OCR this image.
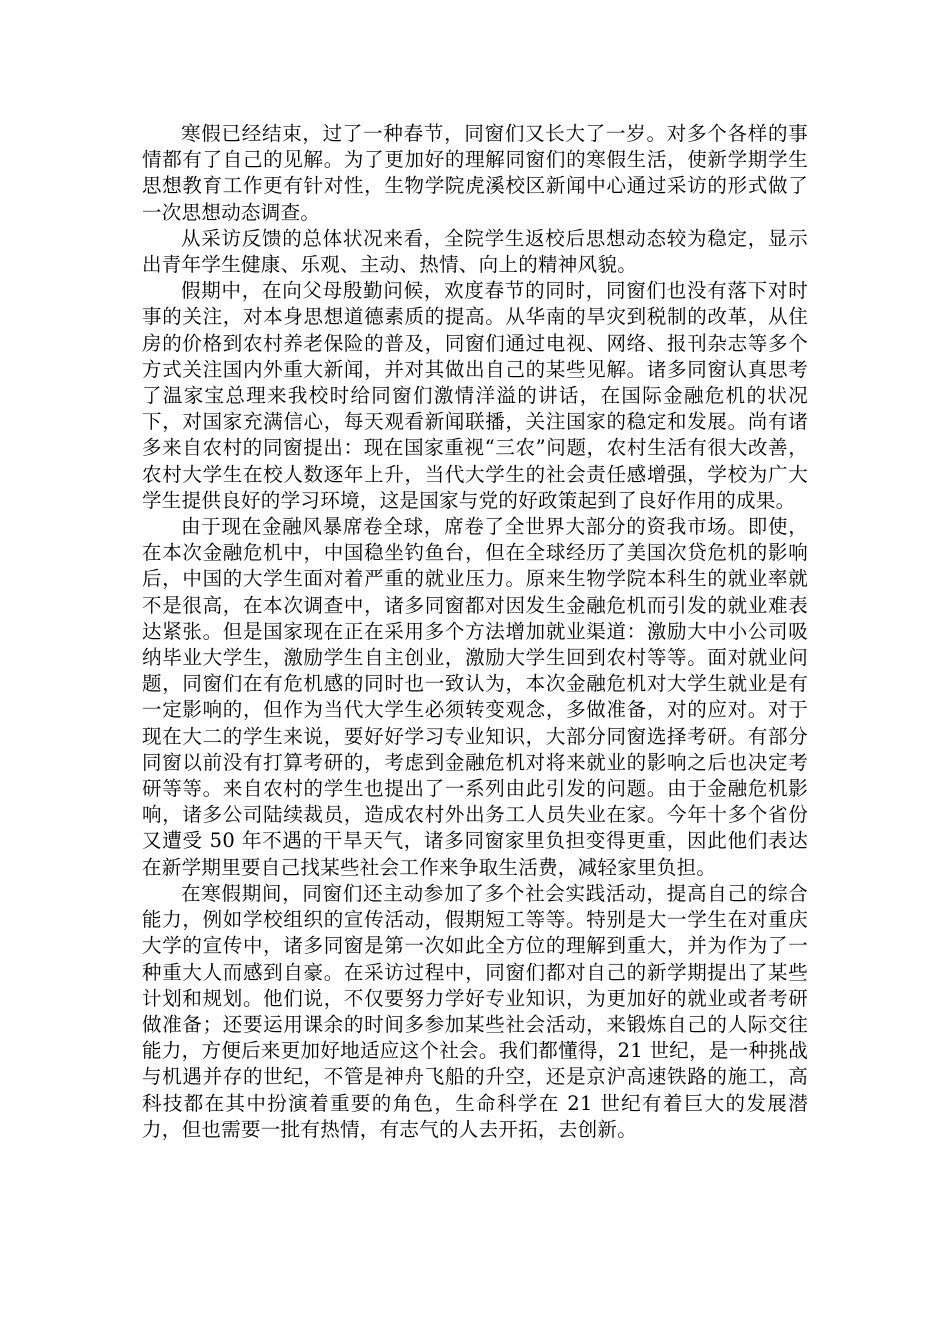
寒假已经结束，过了一种春节，同窗们又长大了一岁。对多个各样的事情都有了自己的见解。为了更加好的理解同窗们的寒假生活，使新学期学生思想教育工作更有针对性，生物学院虎溪校区新闻中心通过采访的形式做了一次思想动态调查。

从采访反馈的总体状况来看，全院学生返校后思想动态较为稳定，显示出青年学生健康、乐观、主动、热情、向上的精神风貌。

假期中，在向父母殷勤问候，欢度春节的同时，同窗们也没有落下对时事的关注，对本身思想道德素质的提高。从华南的旱灾到税制的改革，从住房的价格到农村养老保险的普及，同窗们通过电视、网络、报刊杂志等多个方式关注国内外重大新闻，并对其做出自己的某些见解。诸多同窗认真思考了温家宝总理来我校时给同窗们激情洋溢的讲话，在国际金融危机的状况下，对国家充满信心，每天观看新闻联播，关注国家的稳定和发展。尚有诸多来自农村的同窗提出：现在国家重视“三农”问题，农村生活有很大改善，农村大学生在校人数逐年上升，当代大学生的社会责任感增强，学校为广大学生提供良好的学习环境，这是国家与党的好政策起到了良好作用的成果。

由于现在金融风暴席卷全球，席卷了全世界大部分的资我市场。即使，在本次金融危机中，中国稳坐钓鱼台，但在全球经历了美国次贷危机的影响后，中国的大学生面对着严重的就业压力。原来生物学院本科生的就业率就不是很高，在本次调查中，诸多同窗都对因发生金融危机而引发的就业难表达紧张。但是国家现在正在采用多个方法增加就业渠道：激励大中小公司吸纳毕业大学生，激励学生自主创业，激励大学生回到农村等等。面对就业问题，同窗们在有危机感的同时也一致认为，本次金融危机对大学生就业是有一定影响的，但作为当代大学生必须转变观念，多做准备，对的应对。对于现在大二的学生来说，要好好学习专业知识，大部分同窗选择考研。有部分同窗以前没有打算考研的，考虑到金融危机对将来就业的影响之后也决定考研等等。来自农村的学生也提出了一系列由此引发的问题。由于金融危机影响，诸多公司陆续裁员，造成农村外出务工人员失业在家。今年十多个省份又遭受 50 年不遇的干旱天气，诸多同窗家里负担变得更重，因此他们表达在新学期里要自己找某些社会工作来争取生活费，减轻家里负担。

在寒假期间，同窗们还主动参加了多个社会实践活动，提高自己的综合能力，例如学校组织的宣传活动，假期短工等等。特别是大一学生在对重庆大学的宣传中，诸多同窗是第一次如此全方位的理解到重大，并为作为了一种重大人而感到自豪。在采访过程中，同窗们都对自己的新学期提出了某些计划和规划。他们说，不仅要努力学好专业知识，为更加好的就业或者考研做准备；还要运用课余的时间多参加某些社会活动，来锻炼自己的人际交往能力，方便后来更加好地适应这个社会。我们都懂得，21 世纪，是一种挑战与机遇并存的世纪，不管是神舟飞船的升空，还是京沪高速铁路的施工，高科技都在其中扮演着重要的角色，生命科学在 21 世纪有着巨大的发展潜力，但也需要一批有热情，有志气的人去开拓，去创新。
